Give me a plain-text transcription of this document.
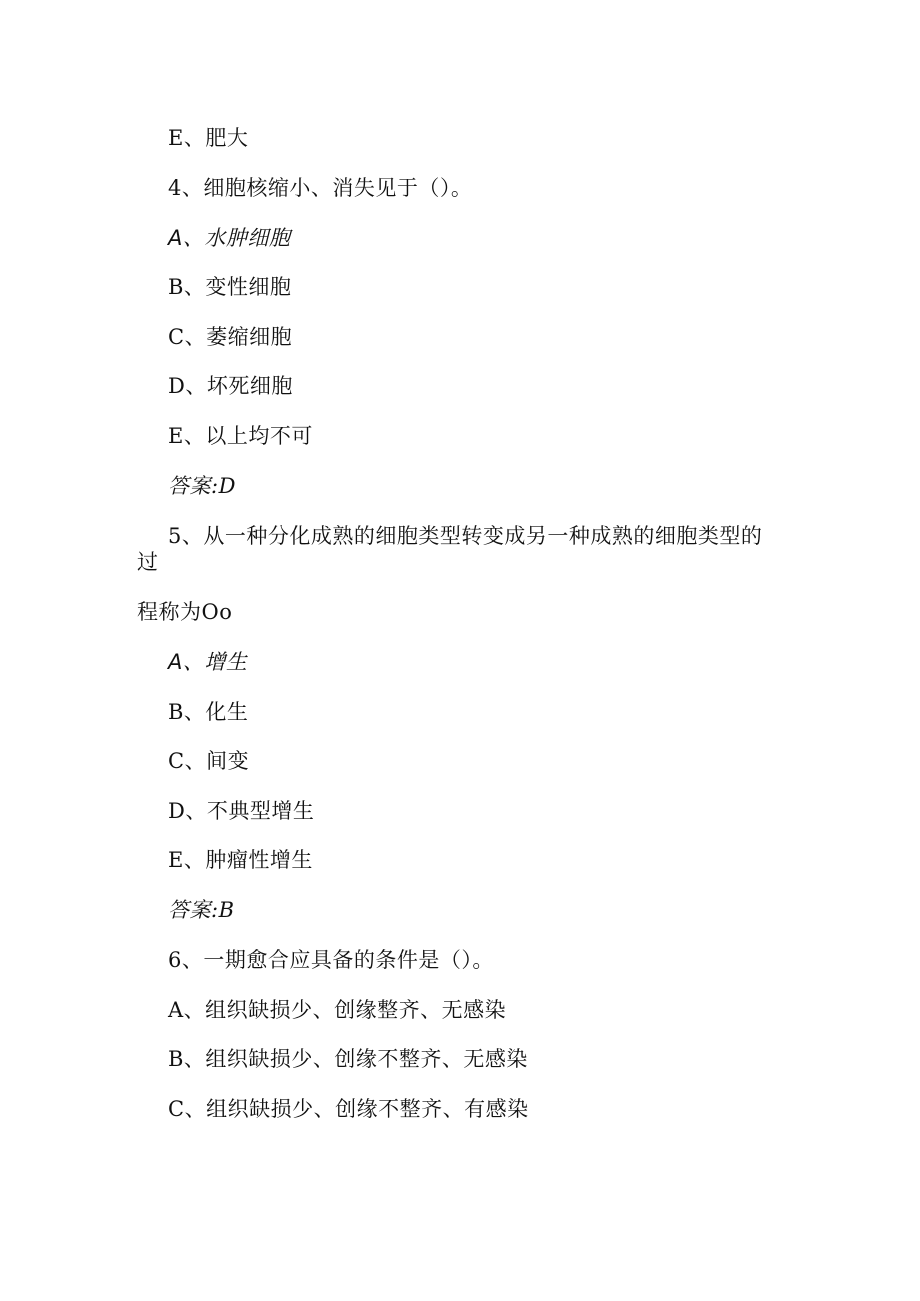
E、肥大
4、细胞核缩小、消失见于（）。
A、水肿细胞
B、变性细胞
C、萎缩细胞
D、坏死细胞
E、以上均不可
答案:D
5、从一种分化成熟的细胞类型转变成另一种成熟的细胞类型的
过
程称为Oo
A、增生
B、化生
C、间变
D、不典型增生
E、肿瘤性增生
答案:B
6、一期愈合应具备的条件是（）。
A、组织缺损少、创缘整齐、无感染
B、组织缺损少、创缘不整齐、无感染
C、组织缺损少、创缘不整齐、有感染
